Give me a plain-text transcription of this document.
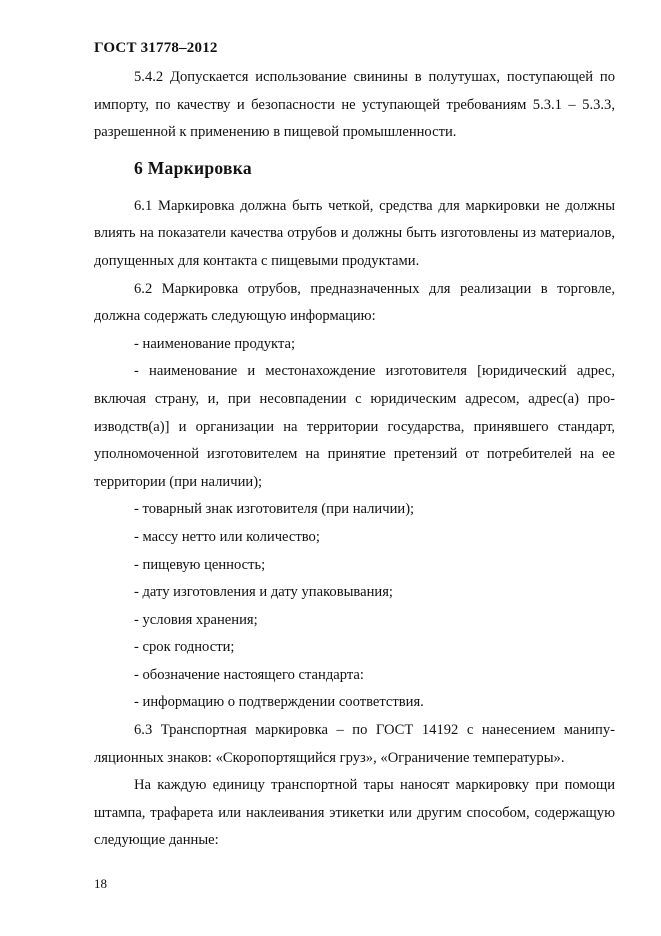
ГОСТ 31778–2012

5.4.2 Допускается использование свинины в полутушах, поступающей по импорту, по качеству и безопасности не уступающей требованиям 5.3.1 – 5.3.3, разрешенной к применению в пищевой промышленности.

6 Маркировка

6.1 Маркировка должна быть четкой, средства для маркировки не должны влиять на показатели качества отрубов и должны быть изготовлены из материалов, допущенных для контакта с пищевыми продуктами.

6.2 Маркировка отрубов, предназначенных для реализации в торговле, должна содержать следующую информацию:

- наименование продукта;

- наименование и местонахождение изготовителя [юридический адрес, включая страну, и, при несовпадении с юридическим адресом, адрес(а) производств(а)] и организации на территории государства, принявшего стандарт, уполномоченной изготовителем на принятие претензий от потребителей на ее территории (при наличии);

- товарный знак изготовителя (при наличии);

- массу нетто или количество;

- пищевую ценность;

- дату изготовления и дату упаковывания;

- условия хранения;

- срок годности;

- обозначение настоящего стандарта:

- информацию о подтверждении соответствия.

6.3 Транспортная маркировка – по ГОСТ 14192 с нанесением манипуляционных знаков: «Скоропортящийся груз», «Ограничение температуры».

На каждую единицу транспортной тары наносят маркировку при помощи штампа, трафарета или наклеивания этикетки или другим способом, содержащую следующие данные:

18
